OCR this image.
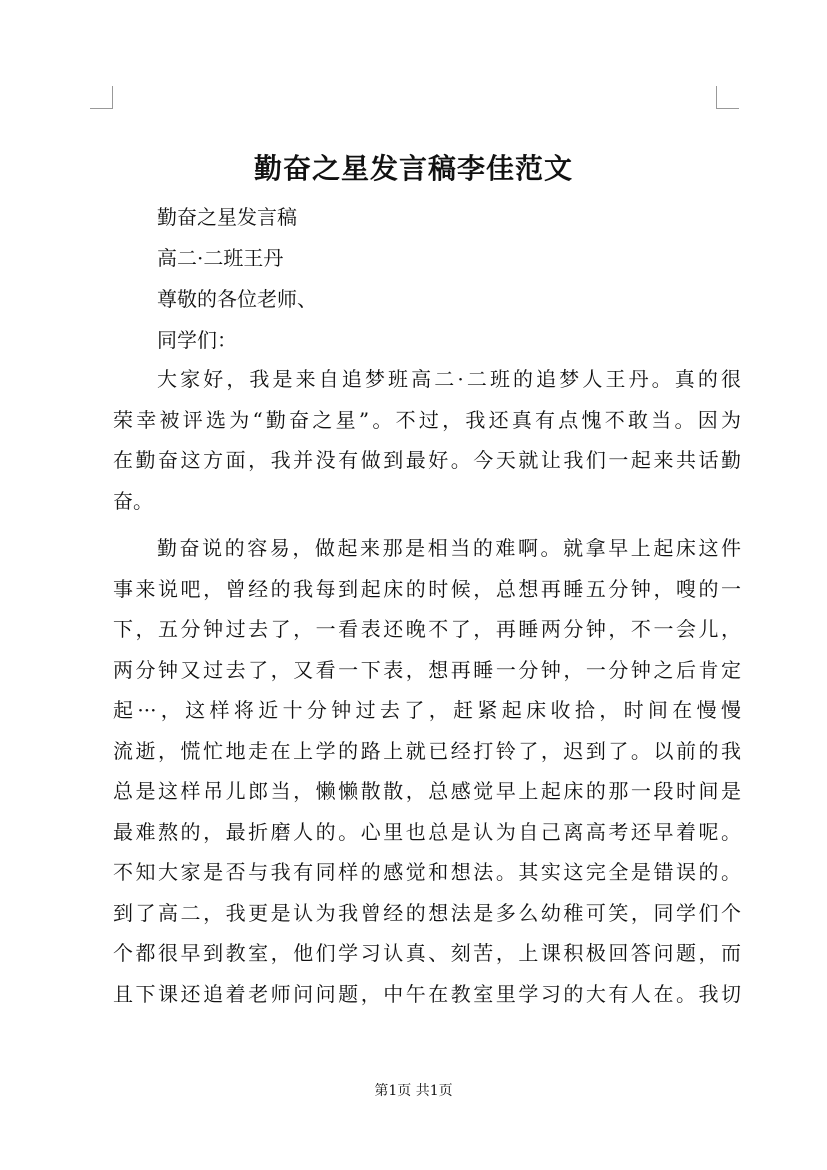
勤奋之星发言稿李佳范文
勤奋之星发言稿
高二·二班王丹
尊敬的各位老师、
同学们：
大家好，我是来自追梦班高二·二班的追梦人王丹。真的很
荣幸被评选为“勤奋之星”。不过，我还真有点愧不敢当。因为
在勤奋这方面，我并没有做到最好。今天就让我们一起来共话勤
奋。
勤奋说的容易，做起来那是相当的难啊。就拿早上起床这件
事来说吧，曾经的我每到起床的时候，总想再睡五分钟，嗖的一
下，五分钟过去了，一看表还晚不了，再睡两分钟，不一会儿，
两分钟又过去了，又看一下表，想再睡一分钟，一分钟之后肯定
起···，这样将近十分钟过去了，赶紧起床收拾，时间在慢慢
流逝，慌忙地走在上学的路上就已经打铃了，迟到了。以前的我
总是这样吊儿郎当，懒懒散散，总感觉早上起床的那一段时间是
最难熬的，最折磨人的。心里也总是认为自己离高考还早着呢。
不知大家是否与我有同样的感觉和想法。其实这完全是错误的。
到了高二，我更是认为我曾经的想法是多么幼稚可笑，同学们个
个都很早到教室，他们学习认真、刻苦，上课积极回答问题，而
且下课还追着老师问问题，中午在教室里学习的大有人在。我切
第1页 共1页
